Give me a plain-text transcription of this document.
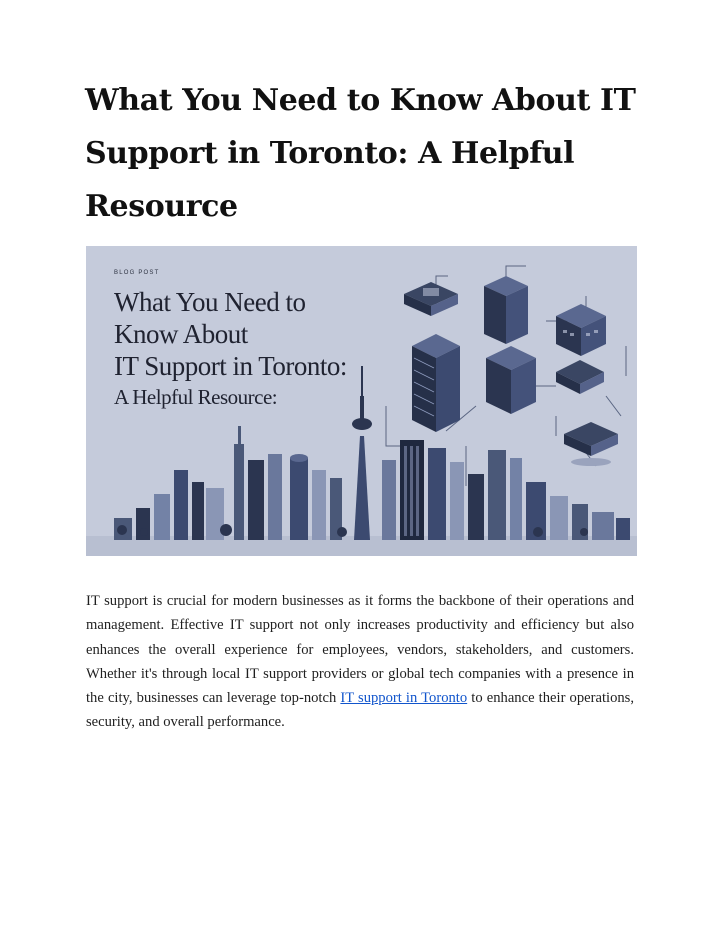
What You Need to Know About IT Support in Toronto: A Helpful Resource
BLOG POST
What You Need to
Know About
IT Support in Toronto:
A Helpful Resource:

IT support is crucial for modern businesses as it forms the backbone of their operations and management. Effective IT support not only increases productivity and efficiency but also enhances the overall experience for employees, vendors, stakeholders, and customers. Whether it's through local IT support providers or global tech companies with a presence in the city, businesses can leverage top-notch IT support in Toronto to enhance their operations, security, and overall performance.
